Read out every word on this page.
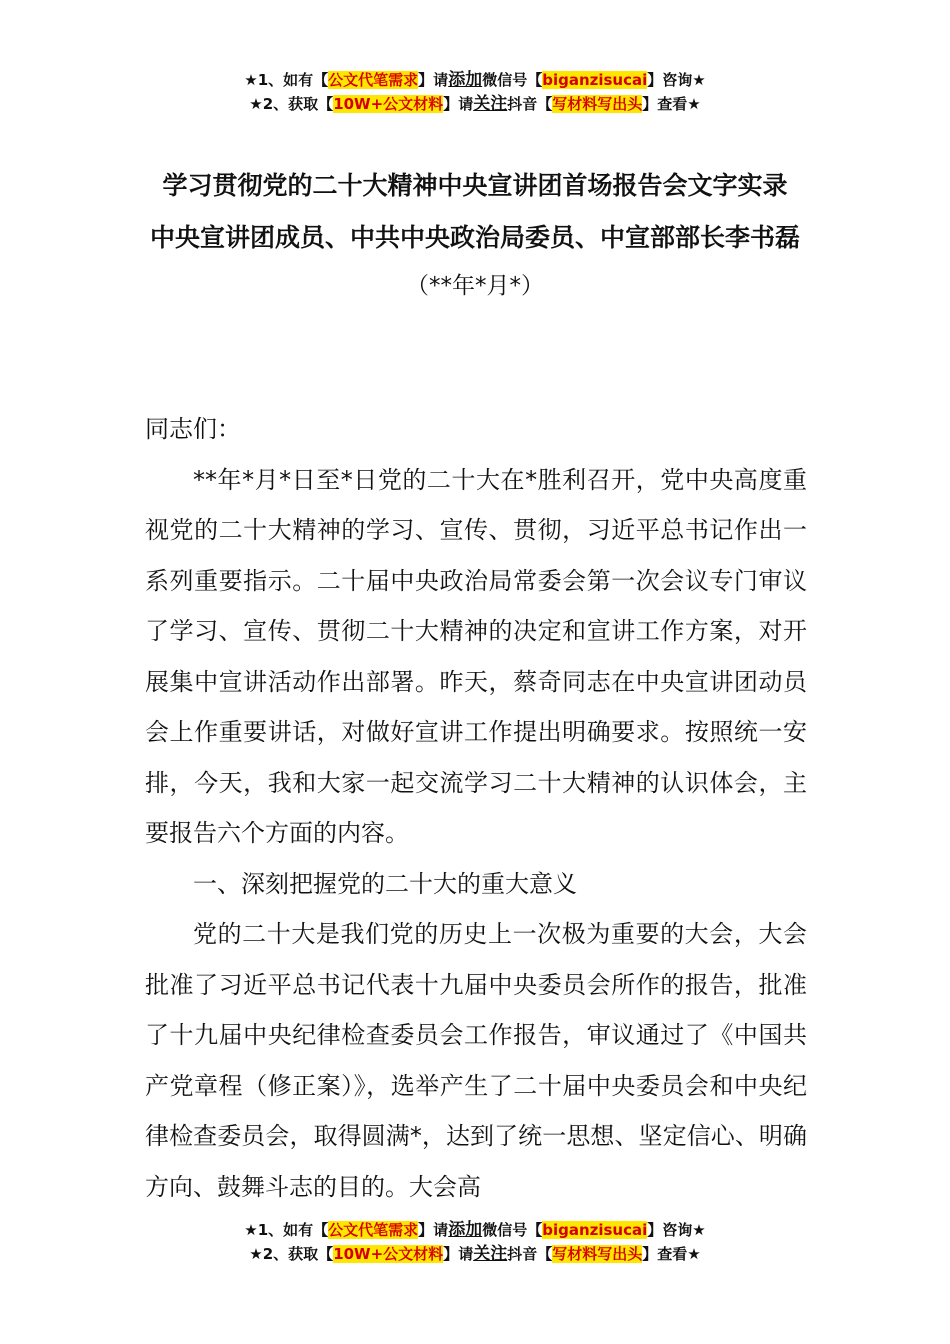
★1、如有【公文代笔需求】请添加微信号【biganzisucai】咨询★
★2、获取【10W+公文材料】请关注抖音【写材料写出头】查看★

学习贯彻党的二十大精神中央宣讲团首场报告会文字实录

中央宣讲团成员、中共中央政治局委员、中宣部部长李书磊

（**年*月*）

同志们：

**年*月*日至*日党的二十大在*胜利召开，党中央高度重视党的二十大精神的学习、宣传、贯彻，习近平总书记作出一系列重要指示。二十届中央政治局常委会第一次会议专门审议了学习、宣传、贯彻二十大精神的决定和宣讲工作方案，对开展集中宣讲活动作出部署。昨天，蔡奇同志在中央宣讲团动员会上作重要讲话，对做好宣讲工作提出明确要求。按照统一安排，今天，我和大家一起交流学习二十大精神的认识体会，主要报告六个方面的内容。

一、深刻把握党的二十大的重大意义

党的二十大是我们党的历史上一次极为重要的大会，大会批准了习近平总书记代表十九届中央委员会所作的报告，批准了十九届中央纪律检查委员会工作报告，审议通过了《中国共产党章程（修正案）》，选举产生了二十届中央委员会和中央纪律检查委员会，取得圆满*，达到了统一思想、坚定信心、明确方向、鼓舞斗志的目的。大会高

★1、如有【公文代笔需求】请添加微信号【biganzisucai】咨询★
★2、获取【10W+公文材料】请关注抖音【写材料写出头】查看★
